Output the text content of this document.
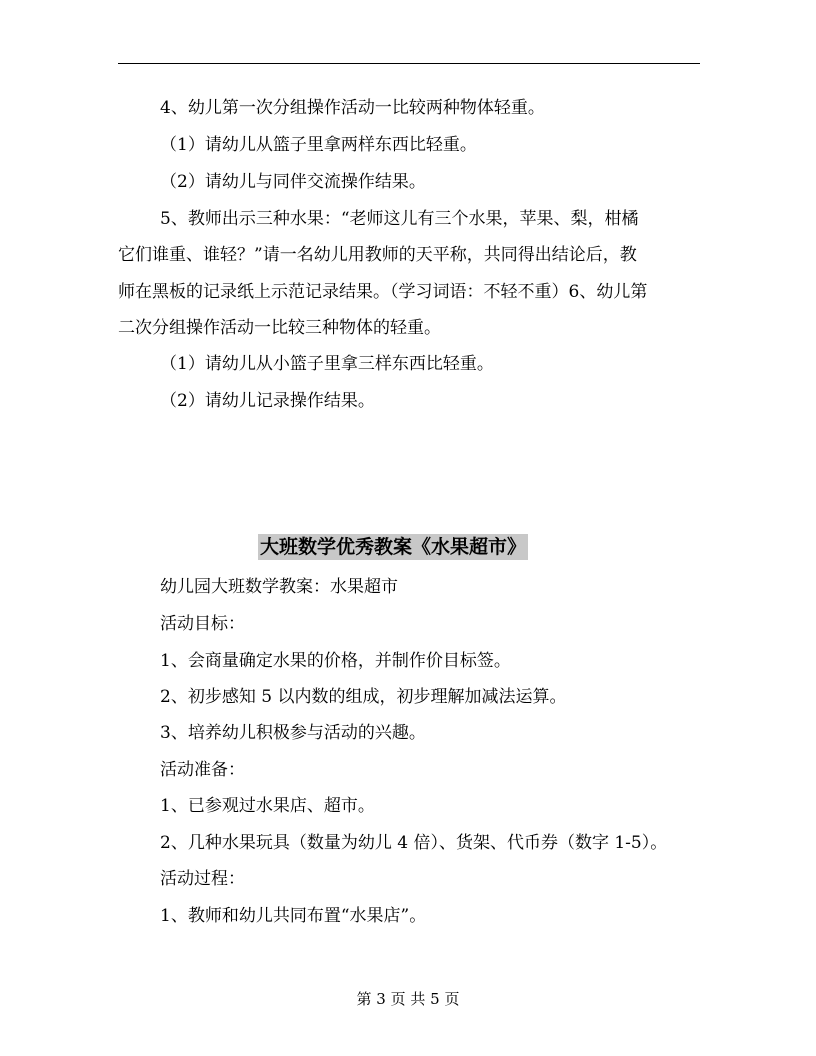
4、幼儿第一次分组操作活动一比较两种物体轻重。

（1）请幼儿从篮子里拿两样东西比轻重。

（2）请幼儿与同伴交流操作结果。

5、教师出示三种水果：“老师这儿有三个水果，苹果、梨，柑橘

它们谁重、谁轻？”请一名幼儿用教师的天平称，共同得出结论后，教

师在黑板的记录纸上示范记录结果。（学习词语：不轻不重）6、幼儿第

二次分组操作活动一比较三种物体的轻重。

（1）请幼儿从小篮子里拿三样东西比轻重。

（2）请幼儿记录操作结果。

大班数学优秀教案《水果超市》

幼儿园大班数学教案：水果超市

活动目标：

1、会商量确定水果的价格，并制作价目标签。

2、初步感知 5 以内数的组成，初步理解加减法运算。

3、培养幼儿积极参与活动的兴趣。

活动准备：

1、已参观过水果店、超市。

2、几种水果玩具（数量为幼儿 4 倍）、货架、代币券（数字 1-5）。

活动过程：

1、教师和幼儿共同布置“水果店”。

第 3 页 共 5 页
